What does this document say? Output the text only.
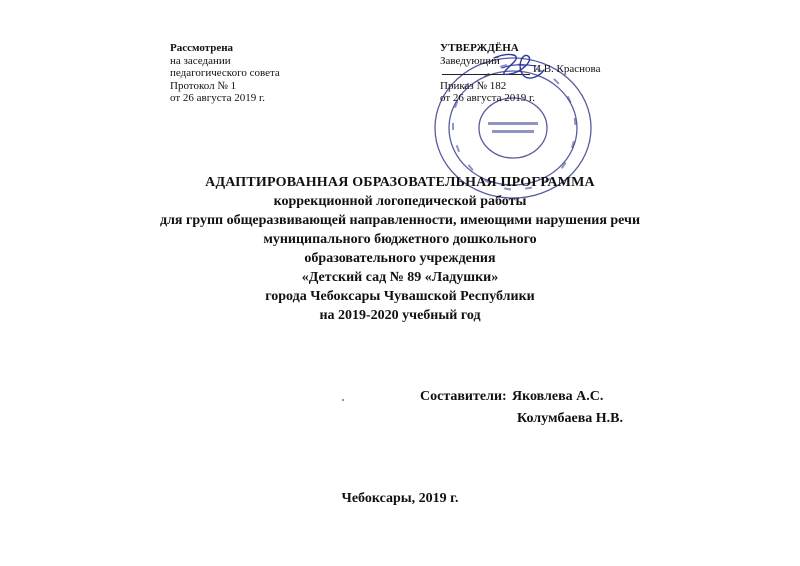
Рассмотрена
на заседании
педагогического совета
Протокол № 1
от 26 августа 2019 г.
УТВЕРЖДЁНА
Заведующий
Приказ № 182
от 26 августа 2019 г.
И.В. Краснова
АДАПТИРОВАННАЯ ОБРАЗОВАТЕЛЬНАЯ ПРОГРАММА
коррекционной логопедической работы
для групп общеразвивающей направленности, имеющими нарушения речи
муниципального бюджетного дошкольного
образовательного учреждения
«Детский сад № 89 «Ладушки»
города Чебоксары Чувашской Республики
на 2019-2020 учебный год
Составители: Яковлева А.С.
Колумбаева Н.В.
Чебоксары, 2019 г.
